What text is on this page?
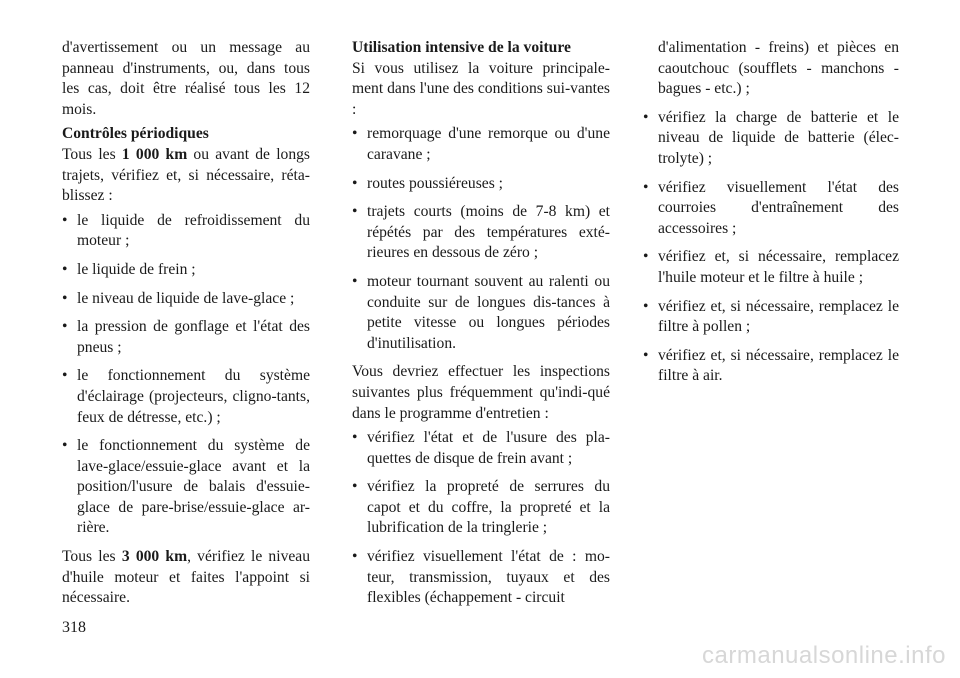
d'avertissement ou un message au panneau d'instruments, ou, dans tous les cas, doit être réalisé tous les 12 mois.

Contrôles périodiques

Tous les 1 000 km ou avant de longs trajets, vérifiez et, si nécessaire, réta-blissez :

• le liquide de refroidissement du moteur ;
• le liquide de frein ;
• le niveau de liquide de lave-glace ;
• la pression de gonflage et l'état des pneus ;
• le fonctionnement du système d'éclairage (projecteurs, cligno-tants, feux de détresse, etc.) ;
• le fonctionnement du système de lave-glace/essuie-glace avant et la position/l'usure de balais d'essuie-glace de pare-brise/essuie-glace ar-rière.

Tous les 3 000 km, vérifiez le niveau d'huile moteur et faites l'appoint si nécessaire.

Utilisation intensive de la voiture

Si vous utilisez la voiture principale-ment dans l'une des conditions sui-vantes :

• remorquage d'une remorque ou d'une caravane ;
• routes poussiéreuses ;
• trajets courts (moins de 7-8 km) et répétés par des températures exté-rieures en dessous de zéro ;
• moteur tournant souvent au ralenti ou conduite sur de longues dis-tances à petite vitesse ou longues périodes d'inutilisation.

Vous devriez effectuer les inspections suivantes plus fréquemment qu'indi-qué dans le programme d'entretien :

• vérifiez l'état et de l'usure des pla-quettes de disque de frein avant ;
• vérifiez la propreté de serrures du capot et du coffre, la propreté et la lubrification de la tringlerie ;
• vérifiez visuellement l'état de : mo-teur, transmission, tuyaux et des flexibles (échappement - circuit
d'alimentation - freins) et pièces en caoutchouc (soufflets - manchons - bagues - etc.) ;
• vérifiez la charge de batterie et le niveau de liquide de batterie (élec-trolyte) ;
• vérifiez visuellement l'état des courroies d'entraînement des accessoires ;
• vérifiez et, si nécessaire, remplacez l'huile moteur et le filtre à huile ;
• vérifiez et, si nécessaire, remplacez le filtre à pollen ;
• vérifiez et, si nécessaire, remplacez le filtre à air.
318
carmanualsonline.info
